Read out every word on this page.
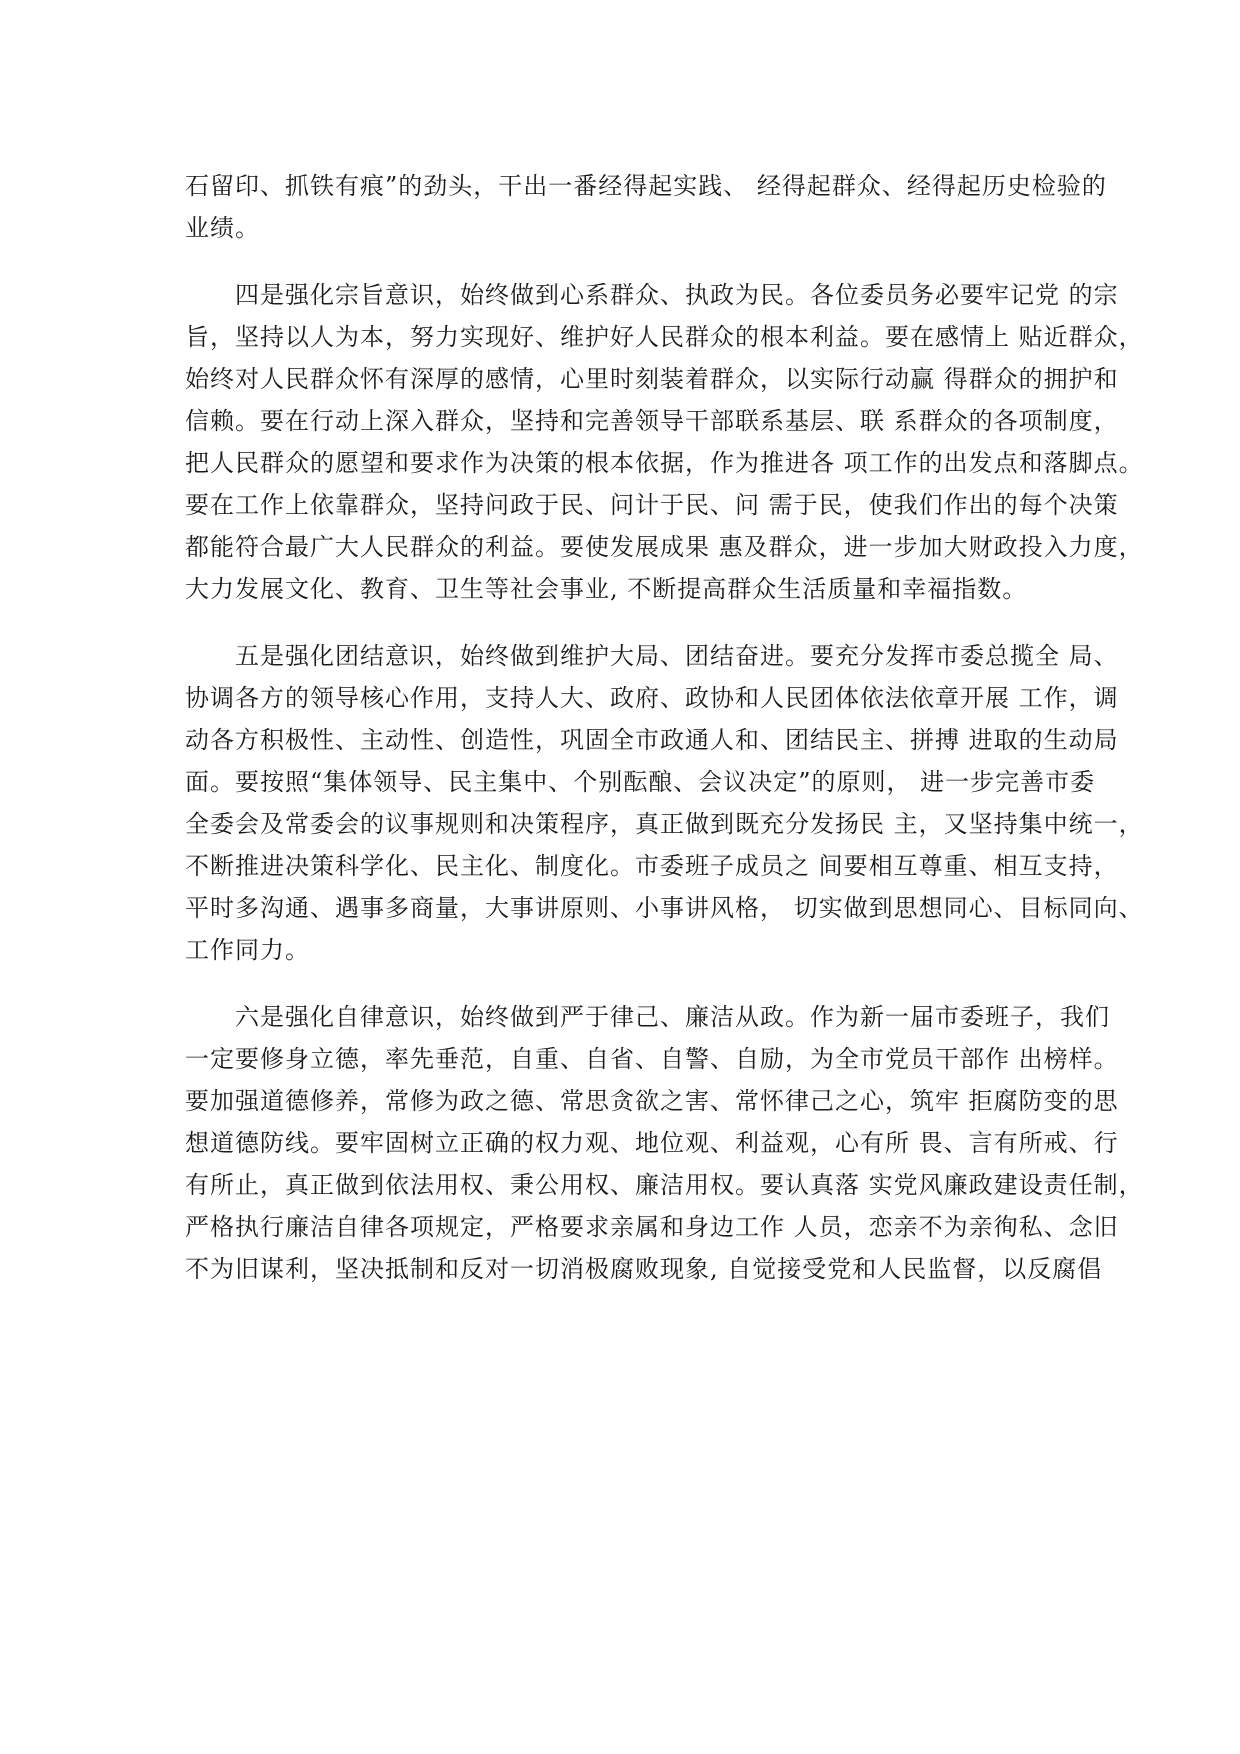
石留印、抓铁有痕”的劲头，干出一番经得起实践、 经得起群众、经得起历史检验的
业绩。
四是强化宗旨意识，始终做到心系群众、执政为民。各位委员务必要牢记党 的宗
旨，坚持以人为本，努力实现好、维护好人民群众的根本利益。要在感情上 贴近群众，
始终对人民群众怀有深厚的感情，心里时刻装着群众，以实际行动赢 得群众的拥护和
信赖。要在行动上深入群众，坚持和完善领导干部联系基层、联 系群众的各项制度，
把人民群众的愿望和要求作为决策的根本依据，作为推进各 项工作的出发点和落脚点。
要在工作上依靠群众，坚持问政于民、问计于民、问 需于民，使我们作出的每个决策
都能符合最广大人民群众的利益。要使发展成果 惠及群众，进一步加大财政投入力度，
大力发展文化、教育、卫生等社会事业, 不断提高群众生活质量和幸福指数。
五是强化团结意识，始终做到维护大局、团结奋进。要充分发挥市委总揽全 局、
协调各方的领导核心作用，支持人大、政府、政协和人民团体依法依章开展 工作，调
动各方积极性、主动性、创造性，巩固全市政通人和、团结民主、拼搏 进取的生动局
面。要按照“集体领导、民主集中、个别酝酿、会议决定”的原则， 进一步完善市委
全委会及常委会的议事规则和决策程序，真正做到既充分发扬民 主，又坚持集中统一，
不断推进决策科学化、民主化、制度化。市委班子成员之 间要相互尊重、相互支持，
平时多沟通、遇事多商量，大事讲原则、小事讲风格， 切实做到思想同心、目标同向、
工作同力。
六是强化自律意识，始终做到严于律己、廉洁从政。作为新一届市委班子，我们
一定要修身立德，率先垂范，自重、自省、自警、自励，为全市党员干部作 出榜样。
要加强道德修养，常修为政之德、常思贪欲之害、常怀律己之心，筑牢 拒腐防变的思
想道德防线。要牢固树立正确的权力观、地位观、利益观，心有所 畏、言有所戒、行
有所止，真正做到依法用权、秉公用权、廉洁用权。要认真落 实党风廉政建设责任制，
严格执行廉洁自律各项规定，严格要求亲属和身边工作 人员，恋亲不为亲徇私、念旧
不为旧谋利，坚决抵制和反对一切消极腐败现象, 自觉接受党和人民监督，以反腐倡
